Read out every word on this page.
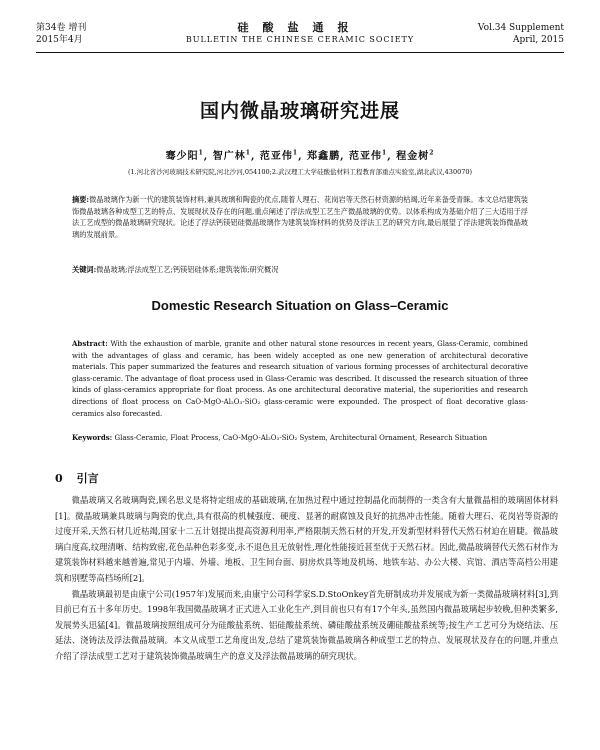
第34卷 增刊
2015年4月
硅酸盐通报
BULLETIN THE CHINESE CERAMIC SOCIETY
Vol.34 Supplement
April, 2015
国内微晶玻璃研究进展
骞少阳$^1$, 智广林$^1$, 范亚伟$^1$, 郑鑫鹏, 范亚伟$^1$, 程金树$^2$
(1.河北省沙河玻璃技术研究院,河北沙河,054100;2.武汉理工大学硅酸盐材料工程教育部重点实验室,湖北武汉,430070)
摘要:微晶玻璃作为新一代的建筑装饰材料,兼具玻璃和陶瓷的优点,随着人理石、花岗岩等天然石材资源的枯竭,近年来备受青睐。本文总结建筑装饰微晶玻璃各种成型工艺的特点、发展现状及存在的问题,重点阐述了浮法成型工艺生产微晶玻璃的优势。以体系构成为基础介绍了三大适用于浮法工艺成型的微晶玻璃研究现状。论述了浮法钙镁铝硅微晶玻璃作为建筑装饰材料的优势及浮法工艺的研究方向,最后展望了浮法建筑装饰微晶玻璃的发展前景。
关键词:微晶玻璃;浮法成型工艺;钙镁铝硅体系;建筑装饰;研究概况
Domestic Research Situation on Glass–Ceramic
Abstract: With the exhaustion of marble, granite and other natural stone resources in recent years, Glass-Ceramic, combined with the advantages of glass and ceramic, has been widely accepted as one new generation of architectural decorative materials. This paper summarized the features and research situation of various forming processes of architectural decorative glass-ceramic. The advantage of float process used in Glass-Ceramic was described. It discussed the research situation of three kinds of glass-ceramics appropriate for float process. As one architectural decorative material, the superiorities and research directions of float process on CaO-MgO-Al₂O₃-SiO₂ glass-ceramic were expounded. The prospect of float decorative glass-ceramics also forecasted.
Keywords: Glass-Ceramic, Float Process, CaO-MgO-Al₂O₃-SiO₂ System, Architectural Ornament, Research Situation
0 引言

微晶玻璃又名玻璃陶瓷,顾名思义是将特定组成的基础玻璃,在加热过程中通过控制晶化而制得的一类含有大量微晶相的玻璃固体材料[1]。微晶玻璃兼具玻璃与陶瓷的优点,具有很高的机械强度、硬度、显著的耐腐蚀及良好的抗热冲击性能。随着大理石、花岗岩等资源的过度开采,天然石材几近枯竭,国家十二五计划提出提高资源利用率,严格限制天然石材的开发,开发新型材料替代天然石材迫在眉睫。微晶玻璃白度高,纹理清晰、结构致密,花色品种色彩多变,永不退色且无放射性,理化性能接近甚至优于天然石材。因此,微晶玻璃替代天然石材作为建筑装饰材料越来越普遍,常见于内墙、外墙、地板、卫生间台面、厨房炊具等地及机场、地铁车站、办公大楼、宾馆、酒店等高档公用建筑和别墅等高档场所[2]。

微晶玻璃最初是由康宁公司(1957年)发展而来,由康宁公司科学家S.D.StoOnkey首先研制成功并发展成为新一类微晶玻璃材料[3],到目前已有五十多年历史。1998年我国微晶玻璃才正式进入工业化生产,到目前也只有有17个年头,虽然国内微晶玻璃起步较晚,但种类繁多,发展势头迅猛[4]。微晶玻璃按照组成可分为硅酸盐系统、铝硅酸盐系统、磷硅酸盐系统及硼硅酸盐系统等;按生产工艺可分为烧结法、压延法、浇铸法及浮法微晶玻璃。本文从成型工艺角度出发,总结了建筑装饰微晶玻璃各种成型工艺的特点、发展现状及存在的问题,并重点介绍了浮法成型工艺对于建筑装饰微晶玻璃生产的意义及浮法微晶玻璃的研究现状。
